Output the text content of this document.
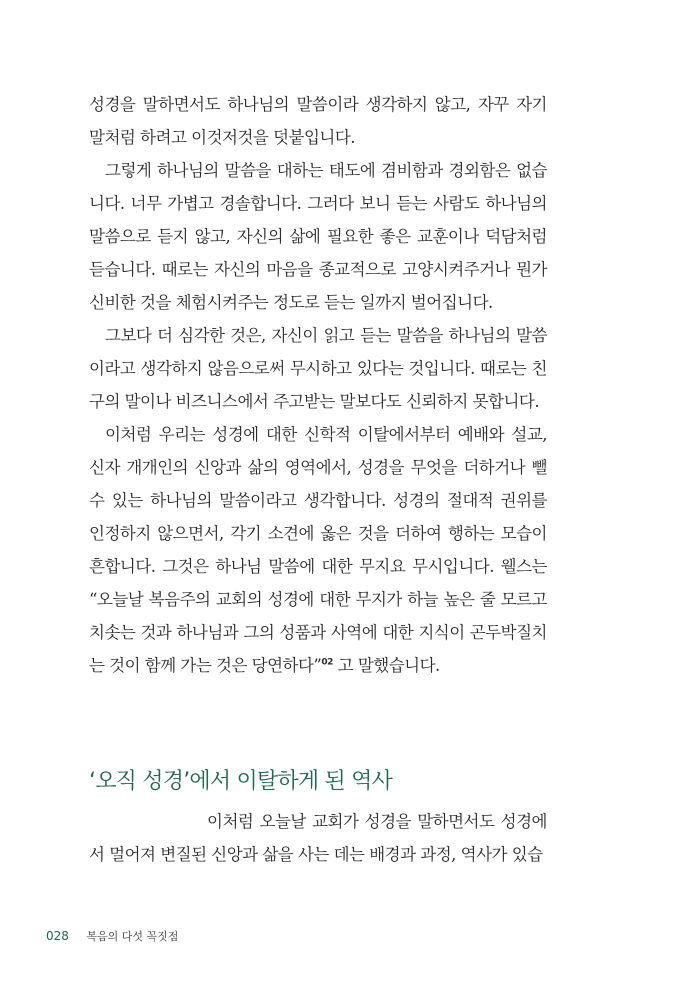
성경을 말하면서도 하나님의 말씀이라 생각하지 않고, 자꾸 자기 말처럼 하려고 이것저것을 덧붙입니다.

그렇게 하나님의 말씀을 대하는 태도에 겸비함과 경외함은 없습니다. 너무 가볍고 경솔합니다. 그러다 보니 듣는 사람도 하나님의 말씀으로 듣지 않고, 자신의 삶에 필요한 좋은 교훈이나 덕담처럼 듣습니다. 때로는 자신의 마음을 종교적으로 고양시켜주거나 뭔가 신비한 것을 체험시켜주는 정도로 듣는 일까지 벌어집니다.

그보다 더 심각한 것은, 자신이 읽고 듣는 말씀을 하나님의 말씀이라고 생각하지 않음으로써 무시하고 있다는 것입니다. 때로는 친구의 말이나 비즈니스에서 주고받는 말보다도 신뢰하지 못합니다.

이처럼 우리는 성경에 대한 신학적 이탈에서부터 예배와 설교, 신자 개개인의 신앙과 삶의 영역에서, 성경을 무엇을 더하거나 뺄 수 있는 하나님의 말씀이라고 생각합니다. 성경의 절대적 권위를 인정하지 않으면서, 각기 소견에 옳은 것을 더하여 행하는 모습이 흔합니다. 그것은 하나님 말씀에 대한 무지요 무시입니다. 웰스는 “오늘날 복음주의 교회의 성경에 대한 무지가 하늘 높은 줄 모르고 치솟는 것과 하나님과 그의 성품과 사역에 대한 지식이 곤두박질치는 것이 함께 가는 것은 당연하다”$^{02}$ 고 말했습니다.

‘오직 성경’에서 이탈하게 된 역사

이처럼 오늘날 교회가 성경을 말하면서도 성경에서 멀어져 변질된 신앙과 삶을 사는 데는 배경과 과정, 역사가 있습

028 복음의 다섯 꼭짓점
